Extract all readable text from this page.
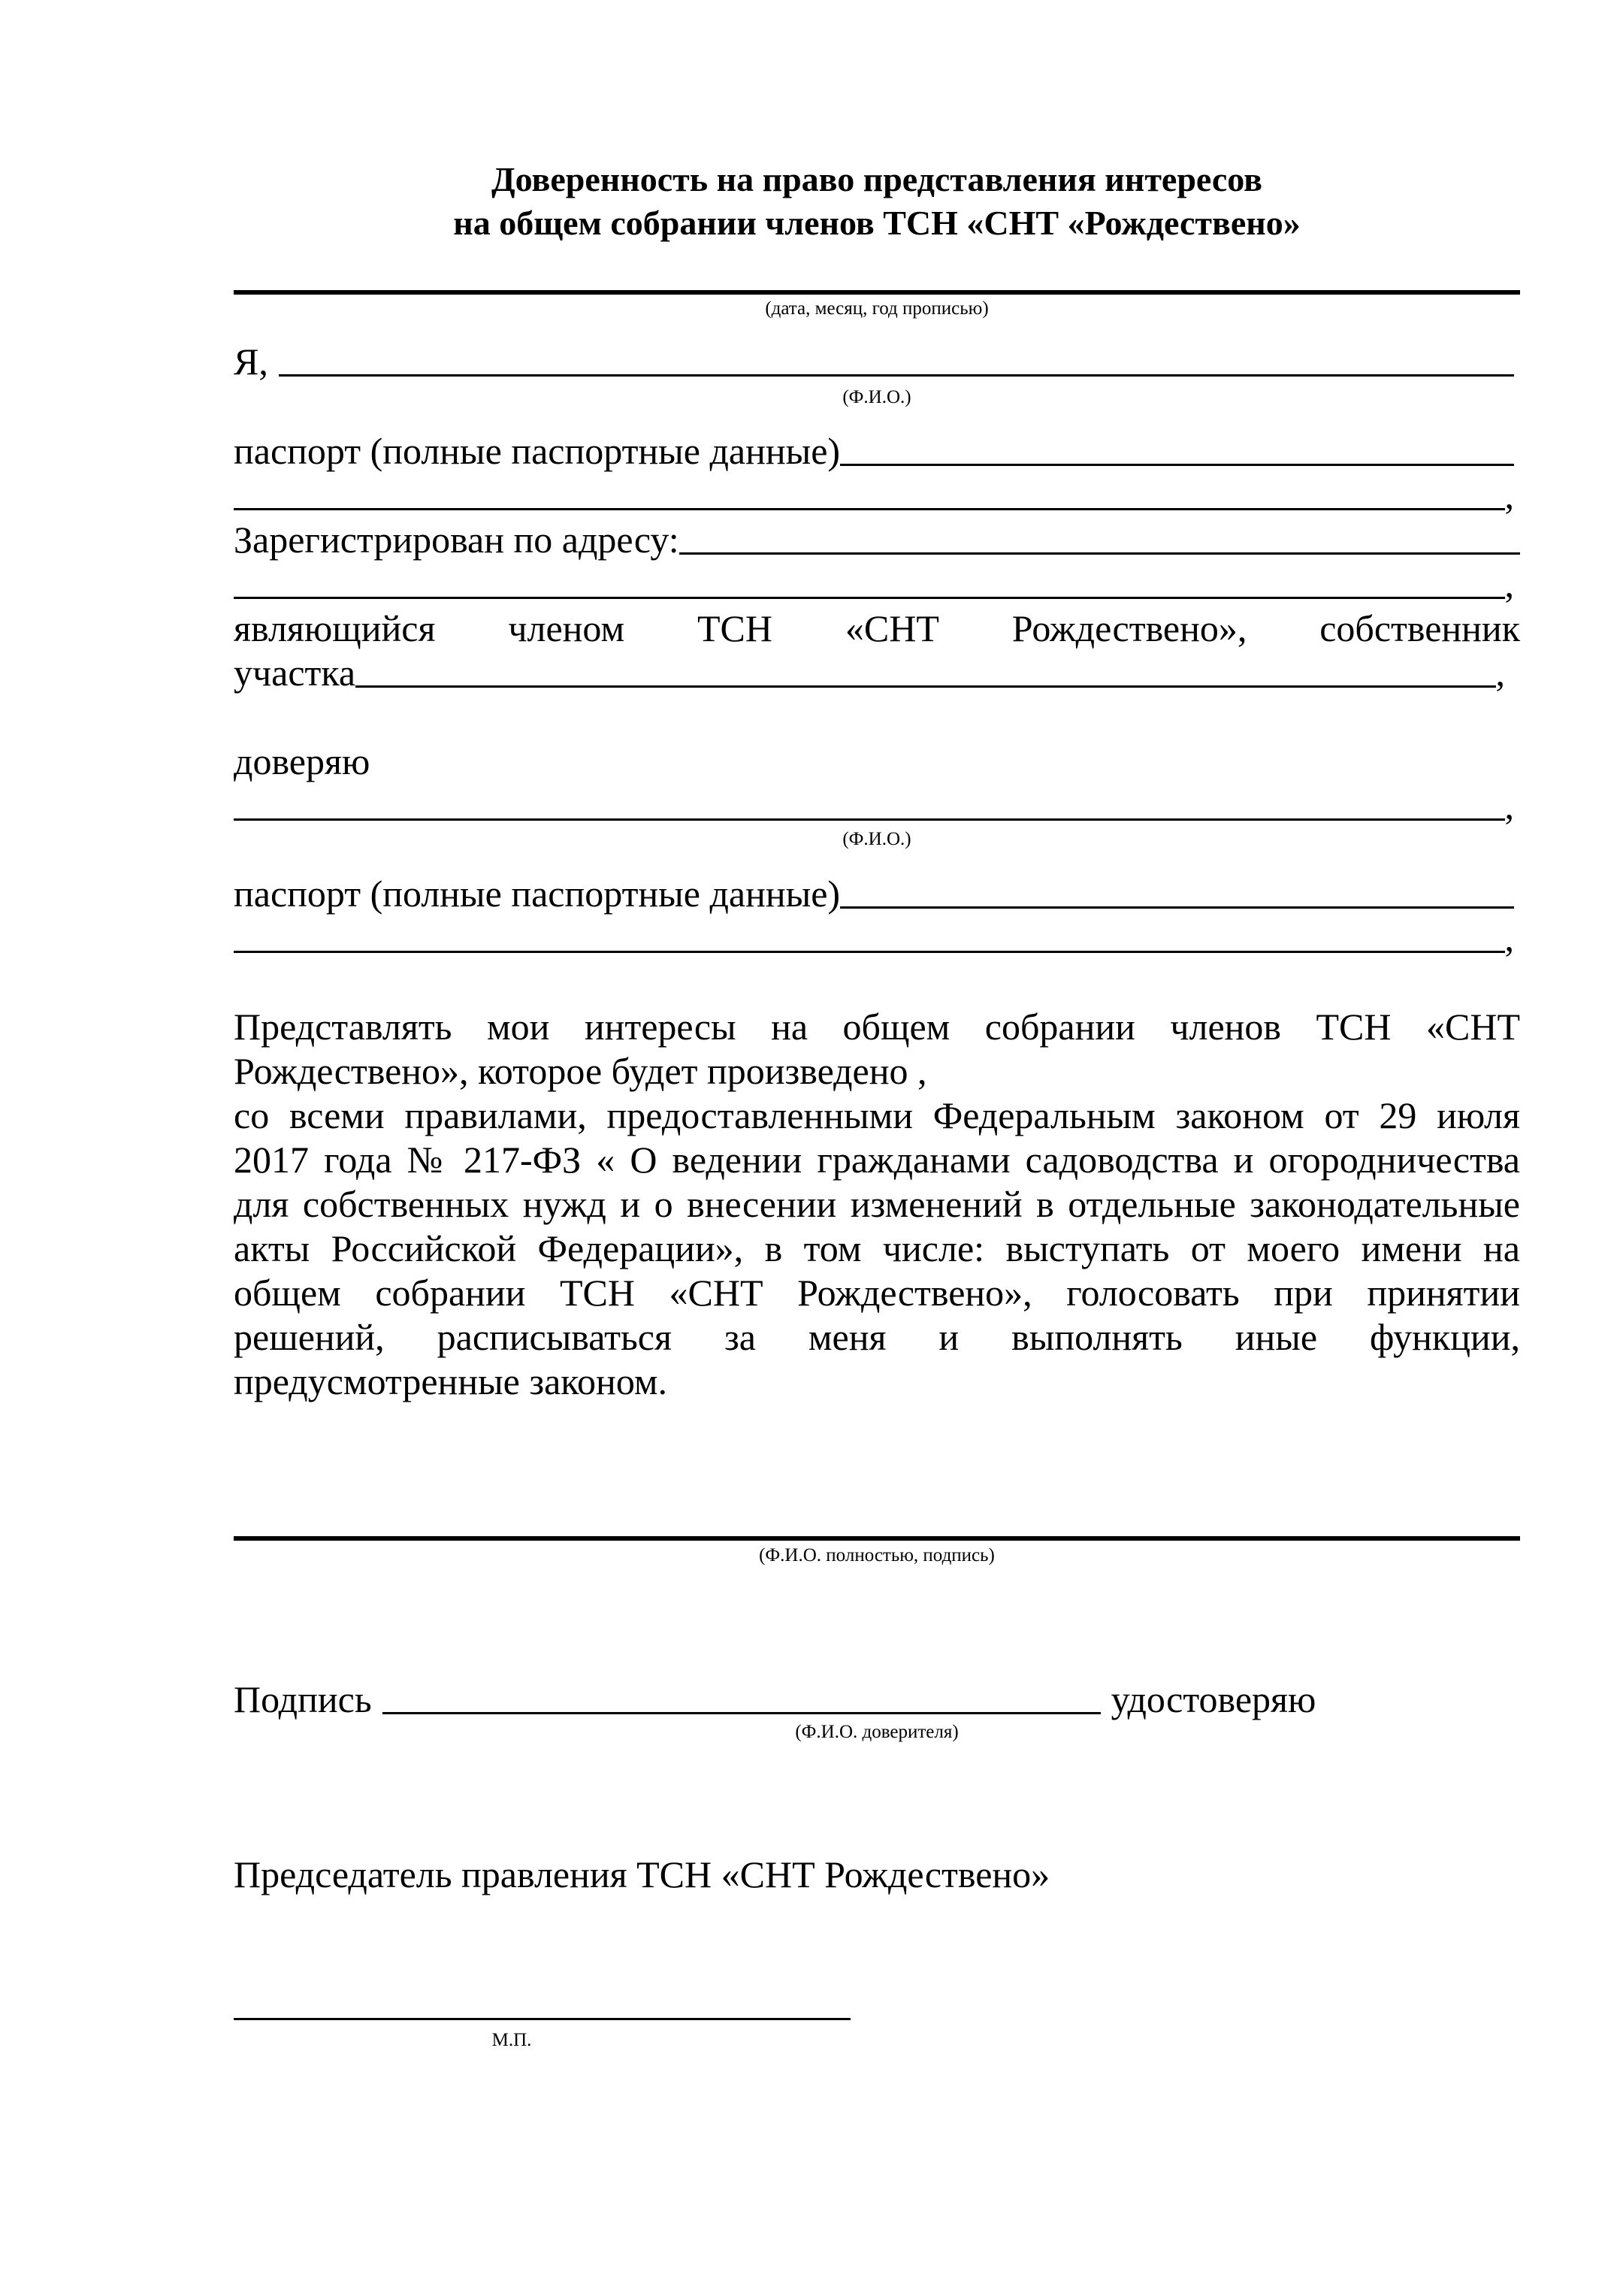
Доверенность на право представления интересов
на общем собрании членов ТСН «СНТ «Рождествено»
(дата, месяц, год прописью)
Я,
(Ф.И.О.)
паспорт (полные паспортные данные)
,
Зарегистрирован по адресу:
,
являющийся членом ТСН «СНТ Рождествено», собственник
участка	,
доверяю
,
(Ф.И.О.)
паспорт (полные паспортные данные)
,
Представлять мои интересы на общем собрании членов ТСН «СНТ
Рождествено», которое будет произведено ,
со всеми правилами, предоставленными Федеральным законом от 29 июля
2017 года № 217-ФЗ « О ведении гражданами садоводства и огородничества
для собственных нужд и о внесении изменений в отдельные законодательные
акты Российской Федерации», в том числе: выступать от моего имени на
общем собрании ТСН «СНТ Рождествено», голосовать при принятии
решений, расписываться за меня и выполнять иные функции,
предусмотренные законом.
(Ф.И.О. полностью, подпись)
Подпись	удостоверяю
(Ф.И.О. доверителя)
Председатель правления ТСН «СНТ Рождествено»
М.П.
